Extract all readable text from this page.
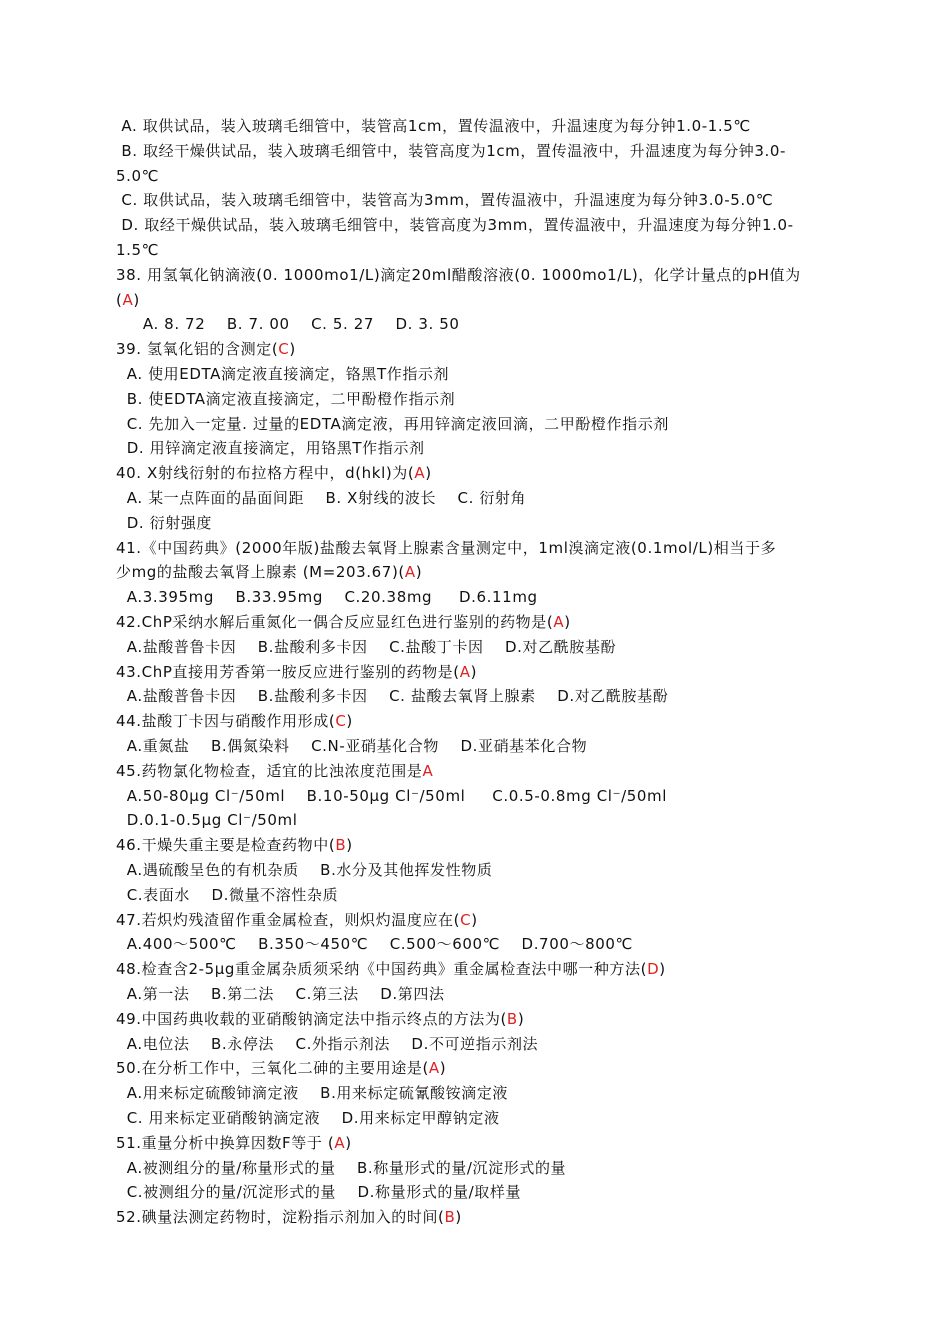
A. 取供试品，装入玻璃毛细管中，装管高1cm，置传温液中，升温速度为每分钟1.0-1.5℃
B. 取经干燥供试品，装入玻璃毛细管中，装管高度为1cm，置传温液中，升温速度为每分钟3.0-
5.0℃
C. 取供试品，装入玻璃毛细管中，装管高为3mm，置传温液中，升温速度为每分钟3.0-5.0℃
D. 取经干燥供试品，装入玻璃毛细管中，装管高度为3mm，置传温液中，升温速度为每分钟1.0-
1.5℃
38. 用氢氧化钠滴液(0. 1000mo1/L)滴定20ml醋酸溶液(0. 1000mo1/L)，化学计量点的pH值为
(A)
A. 8. 72    B. 7. 00    C. 5. 27    D. 3. 50
39. 氢氧化铝的含测定(C)
A. 使用EDTA滴定液直接滴定，铬黑T作指示剂
B. 使EDTA滴定液直接滴定，二甲酚橙作指示剂
C. 先加入一定量. 过量的EDTA滴定液，再用锌滴定液回滴，二甲酚橙作指示剂
D. 用锌滴定液直接滴定，用铬黑T作指示剂
40. X射线衍射的布拉格方程中，d(hkl)为(A)
A. 某一点阵面的晶面间距    B. X射线的波长    C. 衍射角
D. 衍射强度
41.《中国药典》(2000年版)盐酸去氧肾上腺素含量测定中，1ml溴滴定液(0.1mol/L)相当于多
少mg的盐酸去氧肾上腺素 (M=203.67)(A)
A.3.395mg    B.33.95mg    C.20.38mg     D.6.11mg
42.ChP采纳水解后重氮化一偶合反应显红色进行鉴别的药物是(A)
A.盐酸普鲁卡因    B.盐酸利多卡因    C.盐酸丁卡因    D.对乙酰胺基酚
43.ChP直接用芳香第一胺反应进行鉴别的药物是(A)
A.盐酸普鲁卡因    B.盐酸利多卡因    C. 盐酸去氧肾上腺素    D.对乙酰胺基酚
44.盐酸丁卡因与硝酸作用形成(C)
A.重氮盐    B.偶氮染料    C.N-亚硝基化合物    D.亚硝基苯化合物
45.药物氯化物检查，适宜的比浊浓度范围是A
A.50-80μg Cl⁻/50ml    B.10-50μg Cl⁻/50ml     C.0.5-0.8mg Cl⁻/50ml
D.0.1-0.5μg Cl⁻/50ml
46.干燥失重主要是检查药物中(B)
A.遇硫酸呈色的有机杂质    B.水分及其他挥发性物质
C.表面水    D.微量不溶性杂质
47.若炽灼残渣留作重金属检查，则炽灼温度应在(C)
A.400～500℃    B.350～450℃    C.500～600℃    D.700～800℃
48.检查含2-5μg重金属杂质须采纳《中国药典》重金属检查法中哪一种方法(D)
A.第一法    B.第二法    C.第三法    D.第四法
49.中国药典收载的亚硝酸钠滴定法中指示终点的方法为(B)
A.电位法    B.永停法    C.外指示剂法    D.不可逆指示剂法
50.在分析工作中，三氧化二砷的主要用途是(A)
A.用来标定硫酸铈滴定液    B.用来标定硫氰酸铵滴定液
C. 用来标定亚硝酸钠滴定液    D.用来标定甲醇钠定液
51.重量分析中换算因数F等于 (A)
A.被测组分的量/称量形式的量    B.称量形式的量/沉淀形式的量
C.被测组分的量/沉淀形式的量    D.称量形式的量/取样量
52.碘量法测定药物时，淀粉指示剂加入的时间(B)
